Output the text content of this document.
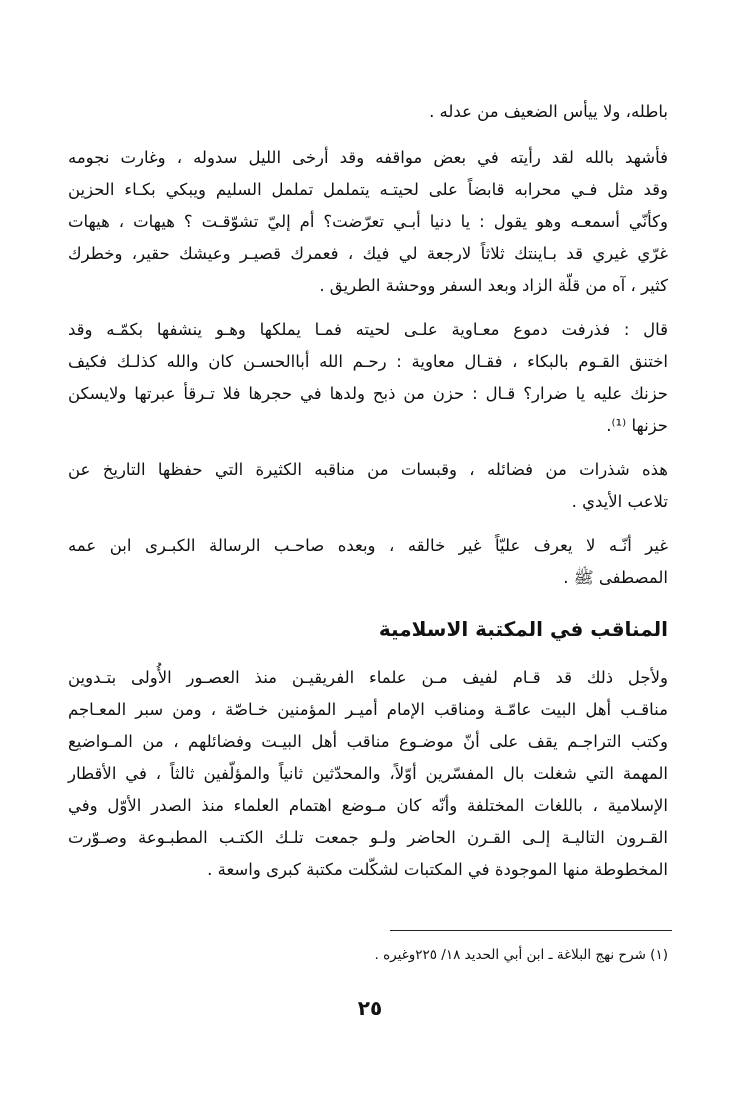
باطله، ولا ييأس الضعيف من عدله .

فأشهد بالله لقد رأيته في بعض مواقفه وقد أرخى الليل سدوله ، وغارت نجومه
وقد مثل فـي محرابه قابضاً على لحيتـه يتململ تململ السليم ويبكي بكـاء الحزين
وكأنّي أسمعـه وهو يقول : يا دنيا أبـي تعرّضت؟ أم إليّ تشوّقـت ؟ هيهات ، هيهات
غرّي غيري قد بـاينتك ثلاثاً لارجعة لي فيك ، فعمرك قصيـر وعيشك حقير، وخطرك
كثير ، آه من قلّة الزاد وبعد السفر ووحشة الطريق .

قال : فذرفت دموع معـاوية علـى لحيته فمـا يملكها وهـو ينشفها بكمّـه وقد
اختنق القـوم بالبكاء ، فقـال معاوية : رحـم الله أباالحسـن كان والله كذلـك فكيف
حزنك عليه يا ضرار؟ قـال : حزن من ذبح ولدها في حجرها فلا تـرقأ عبرتها ولايسكن
حزنها ⁽¹⁾.

هذه شذرات من فضائله ، وقبسات من مناقبه الكثيرة التي حفظها التاريخ عن
تلاعب الأيدي .

غير أنّـه لا يعرف عليّاً غير خالقه ، وبعده صاحـب الرسالة الكبـرى ابن عمه
المصطفى ﷺ .

المناقب في المكتبة الاسلامية

ولأجل ذلك قد قـام لفيف مـن علماء الفريقيـن منذ العصـور الأُولى بتـدوين
مناقـب أهل البيت عامّـة ومناقب الإمام أميـر المؤمنين خـاصّة ، ومن سبر المعـاجم
وكتب التراجـم يقف على أنّ موضـوع مناقب أهل البيـت وفضائلهم ، من المـواضيع
المهمة التي شغلت بال المفسّرين أوّلاً، والمحدّثين ثانياً والمؤلّفين ثالثاً ، في الأقطار
الإسلامية ، باللغات المختلفة وأنّه كان مـوضع اهتمام العلماء منذ الصدر الأوّل وفي
القـرون التاليـة إلـى القـرن الحاضر ولـو جمعت تلـك الكتـب المطبـوعة وصـوّرت
المخطوطة منها الموجودة في المكتبات لشكّلت مكتبة كبرى واسعة .

(١) شرح نهج البلاغة ـ ابن أبي الحديد ١٨/ ٢٢٥وغيره .
٢٥
